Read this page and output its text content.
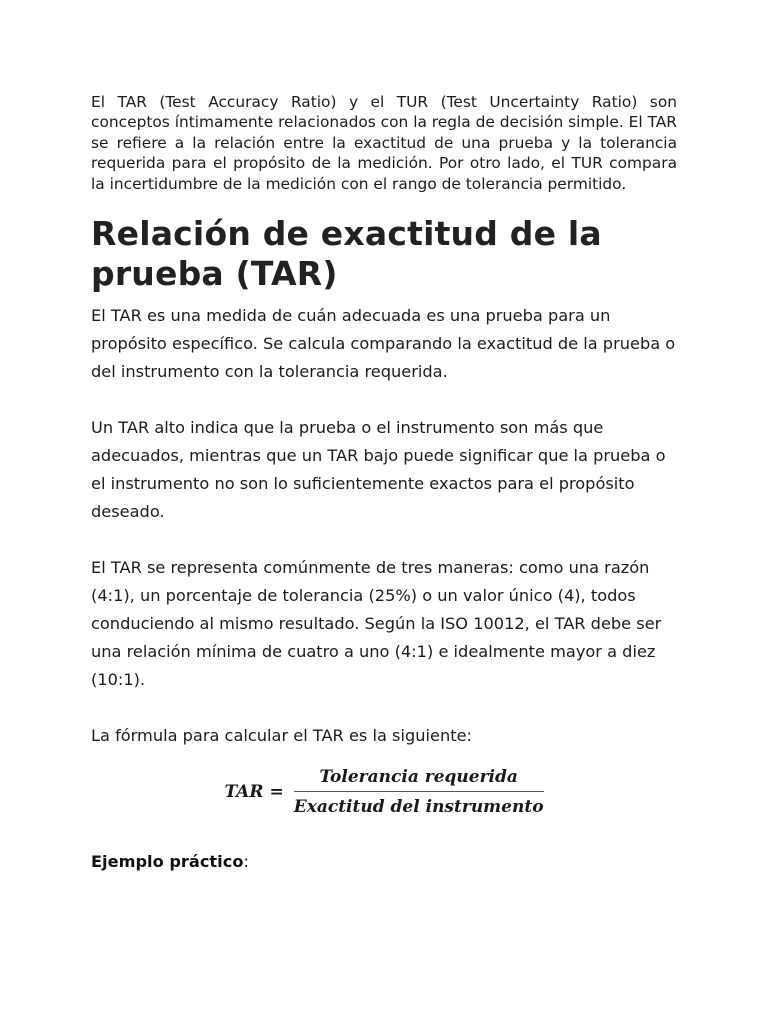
El TAR (Test Accuracy Ratio) y el TUR (Test Uncertainty Ratio) son conceptos íntimamente relacionados con la regla de decisión simple. El TAR se refiere a la relación entre la exactitud de una prueba y la tolerancia requerida para el propósito de la medición. Por otro lado, el TUR compara la incertidumbre de la medición con el rango de tolerancia permitido.

Relación de exactitud de la prueba (TAR)

El TAR es una medida de cuán adecuada es una prueba para un propósito específico. Se calcula comparando la exactitud de la prueba o del instrumento con la tolerancia requerida.

Un TAR alto indica que la prueba o el instrumento son más que adecuados, mientras que un TAR bajo puede significar que la prueba o el instrumento no son lo suficientemente exactos para el propósito deseado.

El TAR se representa comúnmente de tres maneras: como una razón (4:1), un porcentaje de tolerancia (25%) o un valor único (4), todos conduciendo al mismo resultado. Según la ISO 10012, el TAR debe ser una relación mínima de cuatro a uno (4:1) e idealmente mayor a diez (10:1).

La fórmula para calcular el TAR es la siguiente:

TAR = $\frac{\text{Tolerancia requerida}}{\text{Exactitud del instrumento}}$

Ejemplo práctico:
